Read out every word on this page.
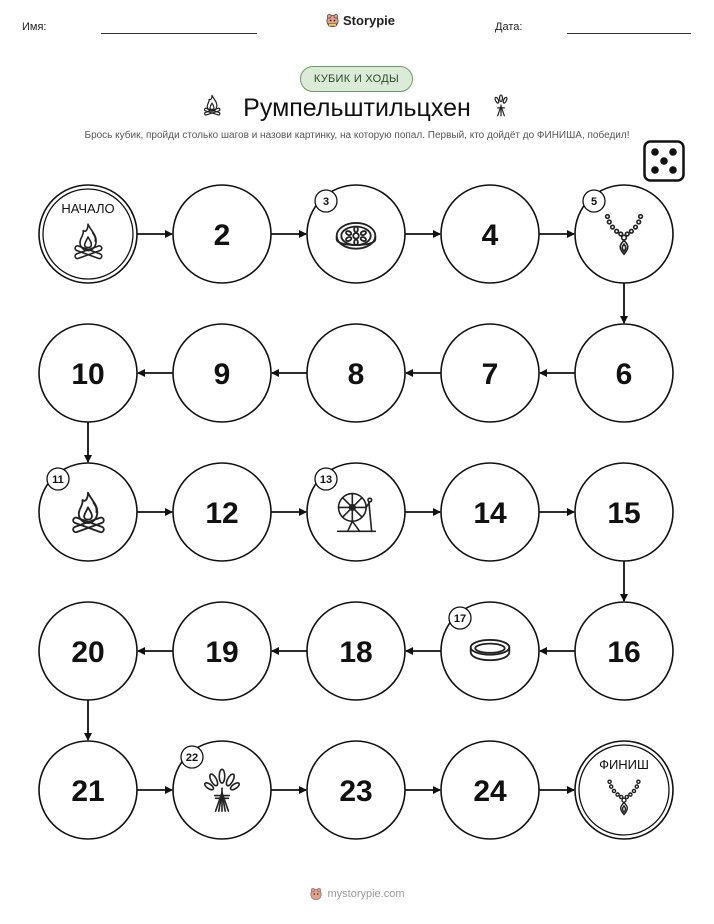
Имя:	Storypie	Дата:
КУБИК И ХОДЫ
Румпельштильцхен
Брось кубик, пройди столько шагов и назови картинку, на которую попал. Первый, кто дойдёт до ФИНИША, победил!
НАЧАЛО
2
3
4
5
6
7
8
9
10
11
12
13
14	15
16
17
18
19
20
21
22
23	24
ФИНИШ
mystorypie.com
